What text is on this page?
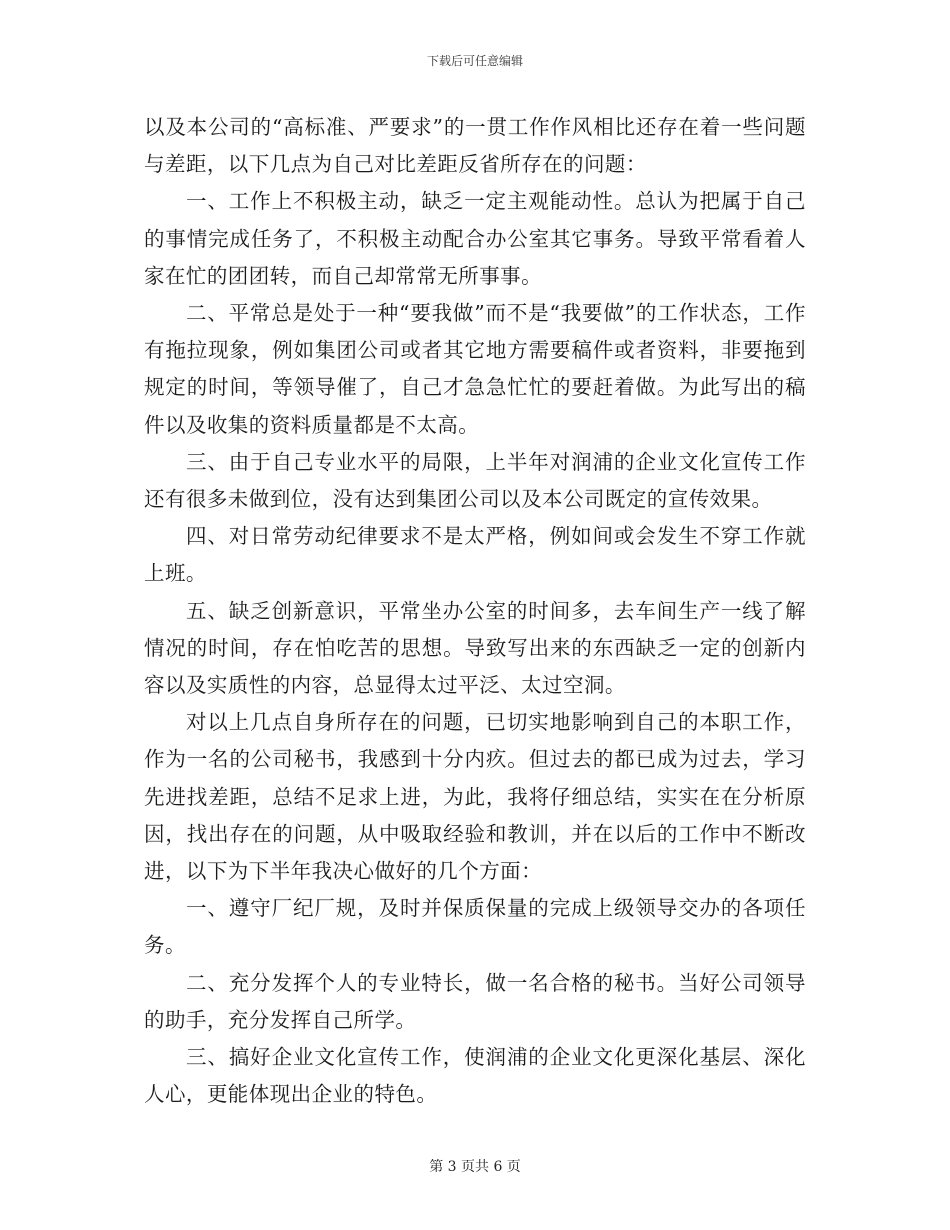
下载后可任意编辑

以及本公司的“高标准、严要求”的一贯工作作风相比还存在着一些问题与差距，以下几点为自己对比差距反省所存在的问题：

一、工作上不积极主动，缺乏一定主观能动性。总认为把属于自己的事情完成任务了，不积极主动配合办公室其它事务。导致平常看着人家在忙的团团转，而自己却常常无所事事。

二、平常总是处于一种“要我做”而不是“我要做”的工作状态，工作有拖拉现象，例如集团公司或者其它地方需要稿件或者资料，非要拖到规定的时间，等领导催了，自己才急急忙忙的要赶着做。为此写出的稿件以及收集的资料质量都是不太高。

三、由于自己专业水平的局限，上半年对润浦的企业文化宣传工作还有很多未做到位，没有达到集团公司以及本公司既定的宣传效果。

四、对日常劳动纪律要求不是太严格，例如间或会发生不穿工作就上班。

五、缺乏创新意识，平常坐办公室的时间多，去车间生产一线了解情况的时间，存在怕吃苦的思想。导致写出来的东西缺乏一定的创新内容以及实质性的内容，总显得太过平泛、太过空洞。

对以上几点自身所存在的问题，已切实地影响到自己的本职工作，作为一名的公司秘书，我感到十分内疚。但过去的都已成为过去，学习先进找差距，总结不足求上进，为此，我将仔细总结，实实在在分析原因，找出存在的问题，从中吸取经验和教训，并在以后的工作中不断改进，以下为下半年我决心做好的几个方面：

一、遵守厂纪厂规，及时并保质保量的完成上级领导交办的各项任务。

二、充分发挥个人的专业特长，做一名合格的秘书。当好公司领导的助手，充分发挥自己所学。

三、搞好企业文化宣传工作，使润浦的企业文化更深化基层、深化人心，更能体现出企业的特色。

第 3 页共 6 页
